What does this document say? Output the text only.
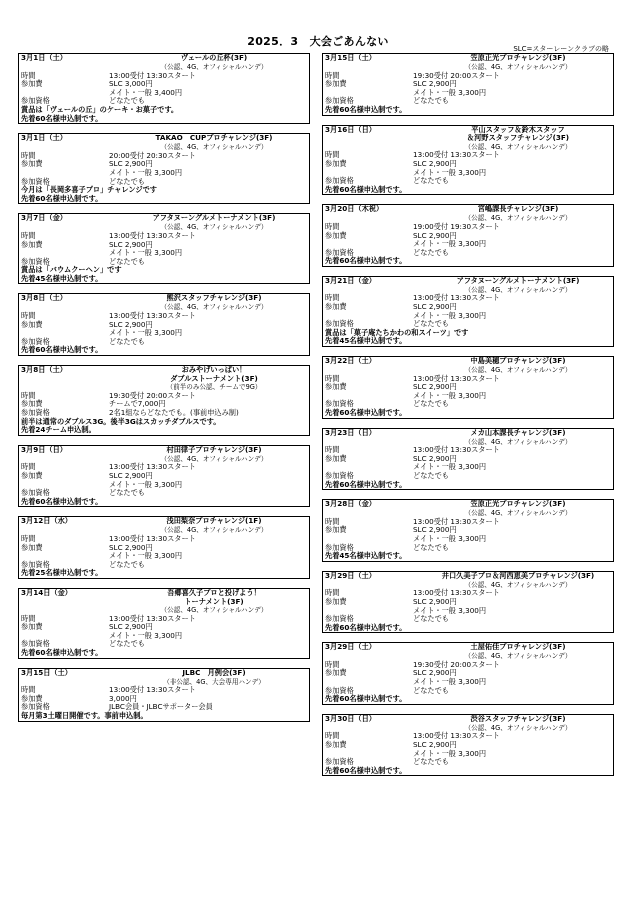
2025．3　大会ごあんない
SLC=スターレーンクラブの略
3月1日（土）	ヴェールの丘杯(3F)
（公認、4G、オフィシャルハンデ）
時間	13:00受付 13:30スタート
参加費	SLC 3,000円
メイト・一般 3,400円
参加資格	どなたでも
賞品は「ヴェールの丘」のケーキ・お菓子です。
先着60名様申込制です。
3月1日（土）	TAKAO　CUPプロチャレンジ(3F)
（公認、4G、オフィシャルハンデ）
時間	20:00受付 20:30スタート
参加費	SLC 2,900円
メイト・一般 3,300円
参加資格	どなたでも
今月は「長岡多喜子プロ」チャレンジです
先着60名様申込制です。
3月7日（金）	アフタヌーングルメトーナメント(3F)
（公認、4G、オフィシャルハンデ）
時間	13:00受付 13:30スタート
参加費	SLC 2,900円
メイト・一般 3,300円
参加資格	どなたでも
賞品は「バウムクーヘン」です
先着45名様申込制です。
3月8日（土）	熊沢スタッフチャレンジ(3F)
（公認、4G、オフィシャルハンデ）
時間	13:00受付 13:30スタート
参加費	SLC 2,900円
メイト・一般 3,300円
参加資格	どなたでも
先着60名様申込制です。
3月8日（土）	おみやげいっぱい！
ダブルストーナメント(3F)
（前半のみ公認、チームで9G）
時間	19:30受付 20:00スタート
参加費	チームで7,000円
参加資格	2名1組ならどなたでも。(事前申込み制)
前半は通常のダブルス3G。後半3Gはスカッチダブルスです。
先着24チーム申込制。
3月9日（日）	村田律子プロチャレンジ(3F)
（公認、4G、オフィシャルハンデ）
時間	13:00受付 13:30スタート
参加費	SLC 2,900円
メイト・一般 3,300円
参加資格	どなたでも
先着60名様申込制です。
3月12日（水）	浅田梨奈プロチャレンジ(1F)
（公認、4G、オフィシャルハンデ）
時間	13:00受付 13:30スタート
参加費	SLC 2,900円
メイト・一般 3,300円
参加資格	どなたでも
先着25名様申込制です。
3月14日（金）	吾郷喜久子プロと投げよう！
トーナメント(3F)
（公認、4G、オフィシャルハンデ）
時間	13:00受付 13:30スタート
参加費	SLC 2,900円
メイト・一般 3,300円
参加資格	どなたでも
先着60名様申込制です。
3月15日（土）	JLBC　月例会(3F)
（非公認、4G、大会専用ハンデ）
時間	13:00受付 13:30スタート
参加費	3,000円
参加資格	JLBC会員・JLBCサポーター会員
毎月第3土曜日開催です。事前申込制。
3月15日（土）	笠原正光プロチャレンジ(3F)
（公認、4G、オフィシャルハンデ）
時間	19:30受付 20:00スタート
参加費	SLC 2,900円
メイト・一般 3,300円
参加資格	どなたでも
先着60名様申込制です。
3月16日（日）	平山スタッフ＆鈴木スタッフ
＆河野スタッフチャレンジ(3F)
（公認、4G、オフィシャルハンデ）
時間	13:00受付 13:30スタート
参加費	SLC 2,900円
メイト・一般 3,300円
参加資格	どなたでも
先着60名様申込制です。
3月20日（木祝）	宮嶋課長チャレンジ(3F)
（公認、4G、オフィシャルハンデ）
時間	19:00受付 19:30スタート
参加費	SLC 2,900円
メイト・一般 3,300円
参加資格	どなたでも
先着60名様申込制です。
3月21日（金）	アフタヌーングルメトーナメント(3F)
（公認、4G、オフィシャルハンデ）
時間	13:00受付 13:30スタート
参加費	SLC 2,900円
メイト・一般 3,300円
参加資格	どなたでも
賞品は「菓子庵たちかわの和スイーツ」です
先着45名様申込制です。
3月22日（土）	中島美穂プロチャレンジ(3F)
（公認、4G、オフィシャルハンデ）
時間	13:00受付 13:30スタート
参加費	SLC 2,900円
メイト・一般 3,300円
参加資格	どなたでも
先着60名様申込制です。
3月23日（日）	メカ山本課長チャレンジ(3F)
（公認、4G、オフィシャルハンデ）
時間	13:00受付 13:30スタート
参加費	SLC 2,900円
メイト・一般 3,300円
参加資格	どなたでも
先着60名様申込制です。
3月28日（金）	笠原正光プロチャレンジ(3F)
（公認、4G、オフィシャルハンデ）
時間	13:00受付 13:30スタート
参加費	SLC 2,900円
メイト・一般 3,300円
参加資格	どなたでも
先着45名様申込制です。
3月29日（土）	井口久美子プロ＆河西恵美プロチャレンジ(3F)
（公認、4G、オフィシャルハンデ）
時間	13:00受付 13:30スタート
参加費	SLC 2,900円
メイト・一般 3,300円
参加資格	どなたでも
先着60名様申込制です。
3月29日（土）	土屋佑佳プロチャレンジ(3F)
（公認、4G、オフィシャルハンデ）
時間	19:30受付 20:00スタート
参加費	SLC 2,900円
メイト・一般 3,300円
参加資格	どなたでも
先着60名様申込制です。
3月30日（日）	渋谷スタッフチャレンジ(3F)
（公認、4G、オフィシャルハンデ）
時間	13:00受付 13:30スタート
参加費	SLC 2,900円
メイト・一般 3,300円
参加資格	どなたでも
先着60名様申込制です。
